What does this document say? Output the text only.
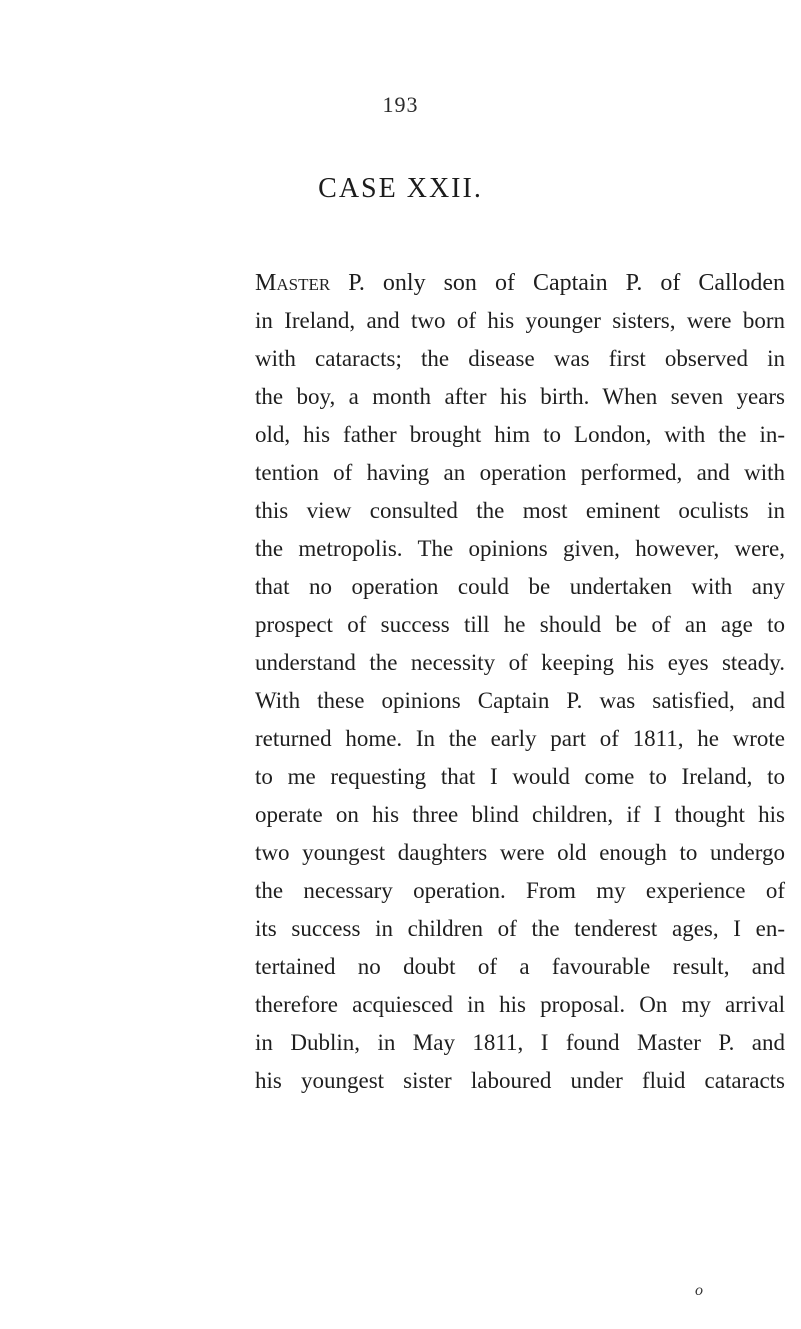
193
CASE XXII.
Master P. only son of Captain P. of Calloden
in Ireland, and two of his younger sisters, were born
with cataracts; the disease was first observed in
the boy, a month after his birth. When seven years
old, his father brought him to London, with the in-
tention of having an operation performed, and with
this view consulted the most eminent oculists in
the metropolis. The opinions given, however, were,
that no operation could be undertaken with any
prospect of success till he should be of an age to
understand the necessity of keeping his eyes steady.
With these opinions Captain P. was satisfied, and
returned home. In the early part of 1811, he wrote
to me requesting that I would come to Ireland, to
operate on his three blind children, if I thought his
two youngest daughters were old enough to undergo
the necessary operation. From my experience of
its success in children of the tenderest ages, I en-
tertained no doubt of a favourable result, and
therefore acquiesced in his proposal. On my arrival
in Dublin, in May 1811, I found Master P. and
his youngest sister laboured under fluid cataracts
o
